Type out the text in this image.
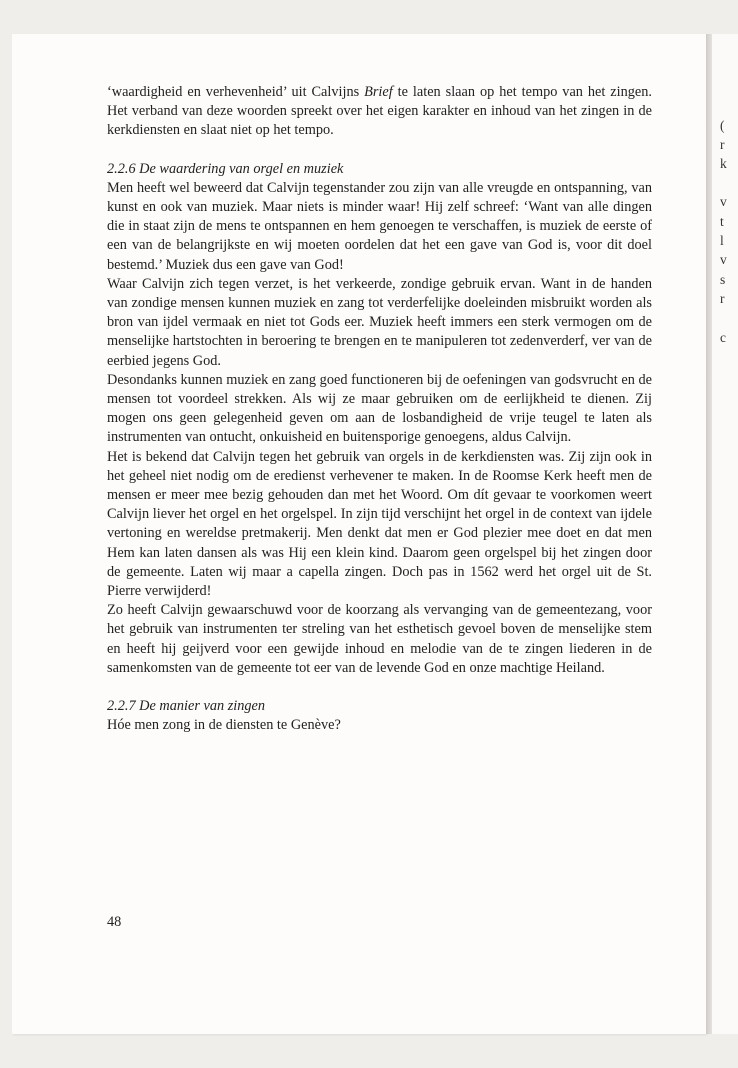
(
r
k
v
t
l
v
s
r
c

‘waardigheid en verhevenheid’ uit Calvijns Brief te laten slaan op het tempo van het zingen. Het verband van deze woorden spreekt over het eigen karakter en inhoud van het zingen in de kerkdiensten en slaat niet op het tempo.

2.2.6 De waardering van orgel en muziek

Men heeft wel beweerd dat Calvijn tegenstander zou zijn van alle vreugde en ontspanning, van kunst en ook van muziek. Maar niets is minder waar! Hij zelf schreef: ‘Want van alle dingen die in staat zijn de mens te ontspannen en hem genoegen te verschaffen, is muziek de eerste of een van de belangrijkste en wij moeten oordelen dat het een gave van God is, voor dit doel bestemd.’ Muziek dus een gave van God!

Waar Calvijn zich tegen verzet, is het verkeerde, zondige gebruik ervan. Want in de handen van zondige mensen kunnen muziek en zang tot verderfelijke doeleinden misbruikt worden als bron van ijdel vermaak en niet tot Gods eer. Muziek heeft immers een sterk vermogen om de menselijke hartstochten in beroering te brengen en te manipuleren tot zedenverderf, ver van de eerbied jegens God.

Desondanks kunnen muziek en zang goed functioneren bij de oefeningen van godsvrucht en de mensen tot voordeel strekken. Als wij ze maar gebruiken om de eerlijkheid te dienen. Zij mogen ons geen gelegenheid geven om aan de losbandigheid de vrije teugel te laten als instrumenten van ontucht, onkuisheid en buitensporige genoegens, aldus Calvijn.

Het is bekend dat Calvijn tegen het gebruik van orgels in de kerkdiensten was. Zij zijn ook in het geheel niet nodig om de eredienst verhevener te maken. In de Roomse Kerk heeft men de mensen er meer mee bezig gehouden dan met het Woord. Om dít gevaar te voorkomen weert Calvijn liever het orgel en het orgelspel. In zijn tijd verschijnt het orgel in de context van ijdele vertoning en wereldse pretmakerij. Men denkt dat men er God plezier mee doet en dat men Hem kan laten dansen als was Hij een klein kind. Daarom geen orgelspel bij het zingen door de gemeente. Laten wij maar a capella zingen. Doch pas in 1562 werd het orgel uit de St. Pierre verwijderd!

Zo heeft Calvijn gewaarschuwd voor de koorzang als vervanging van de gemeentezang, voor het gebruik van instrumenten ter streling van het esthetisch gevoel boven de menselijke stem en heeft hij geijverd voor een gewijde inhoud en melodie van de te zingen liederen in de samenkomsten van de gemeente tot eer van de levende God en onze machtige Heiland.

2.2.7 De manier van zingen

Hóe men zong in de diensten te Genève?

48
